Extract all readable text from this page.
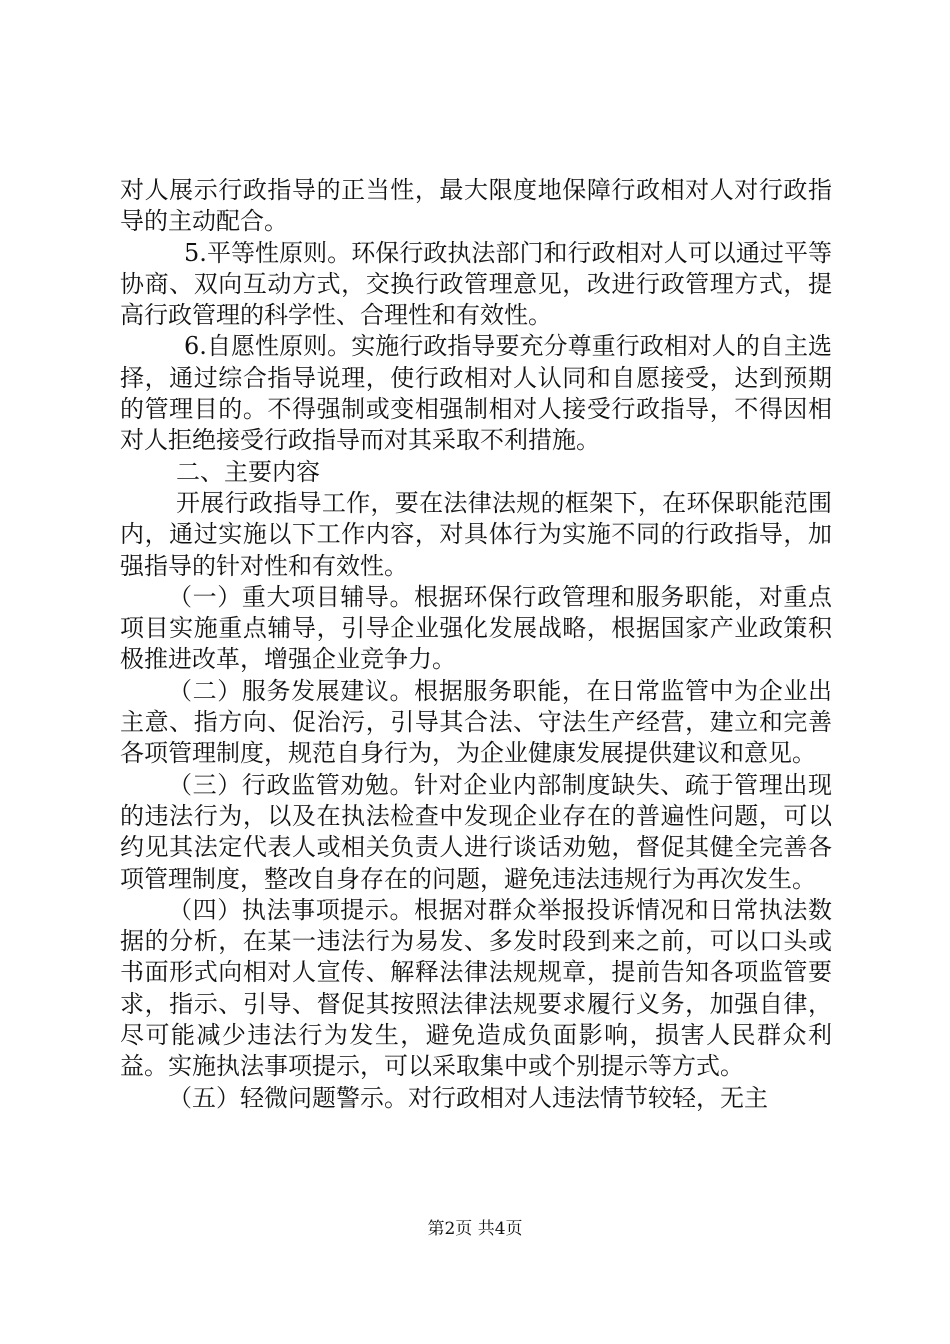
对人展示行政指导的正当性，最大限度地保障行政相对人对行政指导的主动配合。

5.平等性原则。环保行政执法部门和行政相对人可以通过平等协商、双向互动方式，交换行政管理意见，改进行政管理方式，提高行政管理的科学性、合理性和有效性。

6.自愿性原则。实施行政指导要充分尊重行政相对人的自主选择，通过综合指导说理，使行政相对人认同和自愿接受，达到预期的管理目的。不得强制或变相强制相对人接受行政指导，不得因相对人拒绝接受行政指导而对其采取不利措施。

二、主要内容

开展行政指导工作，要在法律法规的框架下，在环保职能范围内，通过实施以下工作内容，对具体行为实施不同的行政指导，加强指导的针对性和有效性。

（一）重大项目辅导。根据环保行政管理和服务职能，对重点项目实施重点辅导，引导企业强化发展战略，根据国家产业政策积极推进改革，增强企业竞争力。

（二）服务发展建议。根据服务职能，在日常监管中为企业出主意、指方向、促治污，引导其合法、守法生产经营，建立和完善各项管理制度，规范自身行为，为企业健康发展提供建议和意见。

（三）行政监管劝勉。针对企业内部制度缺失、疏于管理出现的违法行为，以及在执法检查中发现企业存在的普遍性问题，可以约见其法定代表人或相关负责人进行谈话劝勉，督促其健全完善各项管理制度，整改自身存在的问题，避免违法违规行为再次发生。

（四）执法事项提示。根据对群众举报投诉情况和日常执法数据的分析，在某一违法行为易发、多发时段到来之前，可以口头或书面形式向相对人宣传、解释法律法规规章，提前告知各项监管要求，指示、引导、督促其按照法律法规要求履行义务，加强自律，尽可能减少违法行为发生，避免造成负面影响，损害人民群众利益。实施执法事项提示，可以采取集中或个别提示等方式。

（五）轻微问题警示。对行政相对人违法情节较轻，无主

第2页 共4页
